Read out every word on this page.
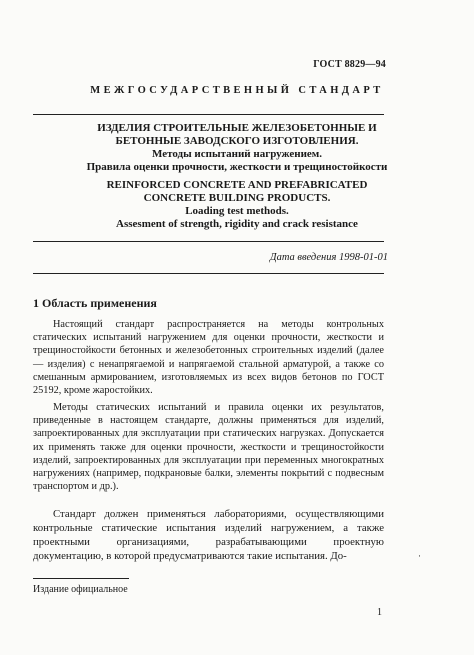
ГОСТ 8829—94
МЕЖГОСУДАРСТВЕННЫЙ СТАНДАРТ

ИЗДЕЛИЯ СТРОИТЕЛЬНЫЕ ЖЕЛЕЗОБЕТОННЫЕ И

БЕТОННЫЕ ЗАВОДСКОГО ИЗГОТОВЛЕНИЯ.

Методы испытаний нагружением.

Правила оценки прочности, жесткости и трещиностойкости

REINFORCED CONCRETE AND PREFABRICATED

CONCRETE BUILDING PRODUCTS.

Loading test methods.

Assesment of strength, rigidity and crack resistance

Дата введения 1998-01-01
1 Область применения

Настоящий стандарт распространяется на методы контрольных статических испытаний нагружением для оценки прочности, жесткости и трещиностойкости бетонных и железобетонных строительных изделий (далее — изделия) с ненапрягаемой и напрягаемой стальной арматурой, а также со смешанным армированием, изготовляемых из всех видов бетонов по ГОСТ 25192, кроме жаростойких.

Методы статических испытаний и правила оценки их результатов, приведенные в настоящем стандарте, должны применяться для изделий, запроектированных для эксплуатации при статических нагрузках. Допускается их применять также для оценки прочности, жесткости и трещиностойкости изделий, запроектированных для эксплуатации при переменных многократных нагружениях (например, подкрановые балки, элементы покрытий с подвесным транспортом и др.).

Стандарт должен применяться лабораториями, осуществляющими контрольные статические испытания изделий нагружением, а также проектными организациями, разрабатывающими проектную документацию, в которой предусматриваются такие испытания. До-	·
Издание официальное
1
